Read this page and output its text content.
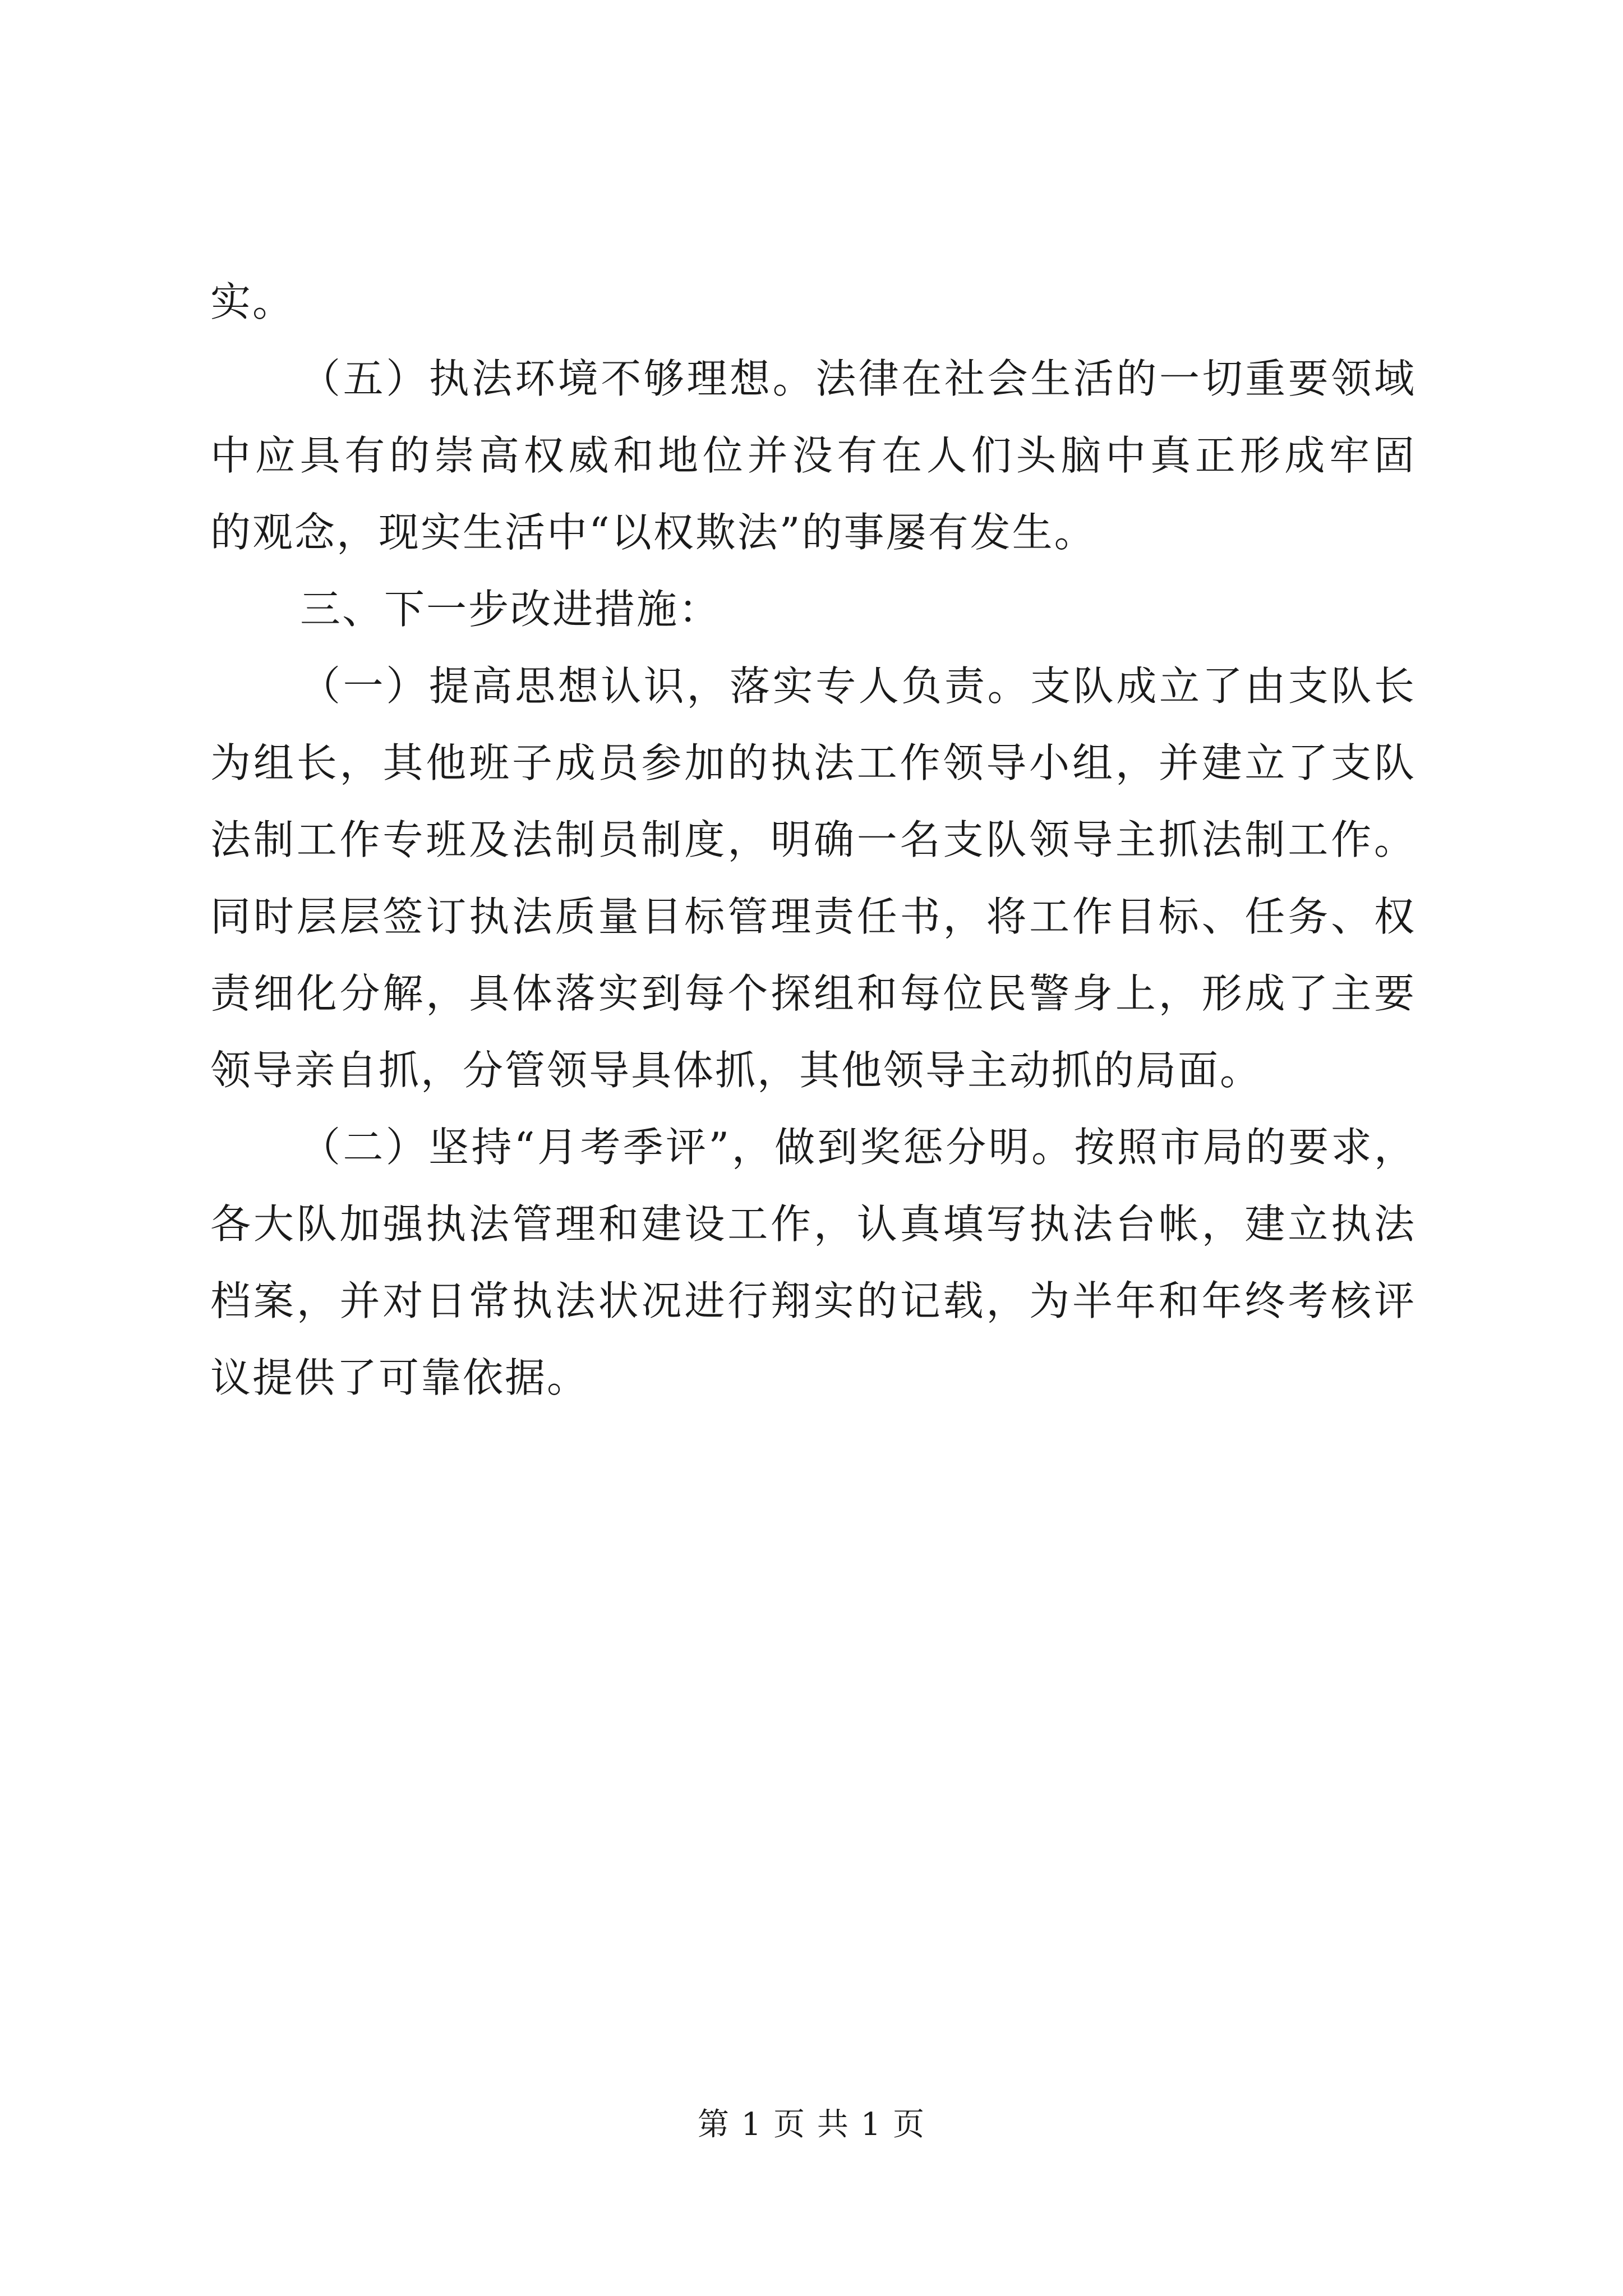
实。
（五）执法环境不够理想。法律在社会生活的一切重要领域
中应具有的崇高权威和地位并没有在人们头脑中真正形成牢固
的观念，现实生活中“以权欺法”的事屡有发生。
三、下一步改进措施：
（一）提高思想认识，落实专人负责。支队成立了由支队长
为组长，其他班子成员参加的执法工作领导小组，并建立了支队
法制工作专班及法制员制度，明确一名支队领导主抓法制工作。
同时层层签订执法质量目标管理责任书，将工作目标、任务、权
责细化分解，具体落实到每个探组和每位民警身上，形成了主要
领导亲自抓，分管领导具体抓，其他领导主动抓的局面。
（二）坚持“月考季评”，做到奖惩分明。按照市局的要求，
各大队加强执法管理和建设工作，认真填写执法台帐，建立执法
档案，并对日常执法状况进行翔实的记载，为半年和年终考核评
议提供了可靠依据。
第 1 页 共 1 页
